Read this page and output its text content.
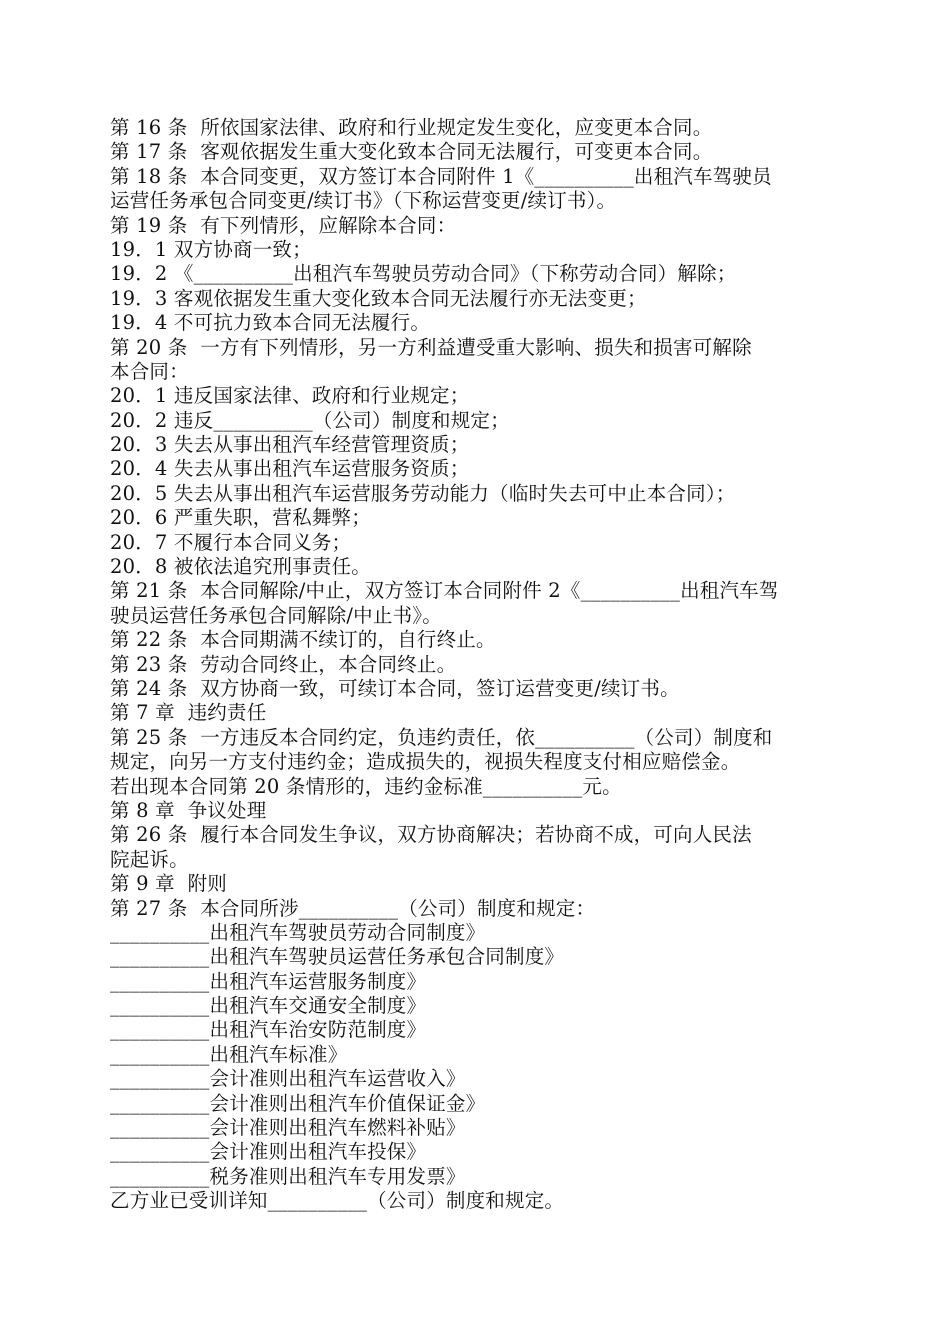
第 16 条  所依国家法律、政府和行业规定发生变化，应变更本合同。
第 17 条  客观依据发生重大变化致本合同无法履行，可变更本合同。
第 18 条  本合同变更，双方签订本合同附件 1《__________出租汽车驾驶员
运营任务承包合同变更/续订书》（下称运营变更/续订书）。
第 19 条  有下列情形，应解除本合同：
19．1 双方协商一致；
19．2 《__________出租汽车驾驶员劳动合同》（下称劳动合同）解除；
19．3 客观依据发生重大变化致本合同无法履行亦无法变更；
19．4 不可抗力致本合同无法履行。
第 20 条  一方有下列情形，另一方利益遭受重大影响、损失和损害可解除
本合同：
20．1 违反国家法律、政府和行业规定；
20．2 违反__________（公司）制度和规定；
20．3 失去从事出租汽车经营管理资质；
20．4 失去从事出租汽车运营服务资质；
20．5 失去从事出租汽车运营服务劳动能力（临时失去可中止本合同）；
20．6 严重失职，营私舞弊；
20．7 不履行本合同义务；
20．8 被依法追究刑事责任。
第 21 条  本合同解除/中止，双方签订本合同附件 2《__________出租汽车驾
驶员运营任务承包合同解除/中止书》。
第 22 条  本合同期满不续订的，自行终止。
第 23 条  劳动合同终止，本合同终止。
第 24 条  双方协商一致，可续订本合同，签订运营变更/续订书。
第 7 章  违约责任
第 25 条  一方违反本合同约定，负违约责任，依__________（公司）制度和
规定，向另一方支付违约金；造成损失的，视损失程度支付相应赔偿金。
若出现本合同第 20 条情形的，违约金标准__________元。
第 8 章  争议处理
第 26 条  履行本合同发生争议，双方协商解决；若协商不成，可向人民法
院起诉。
第 9 章  附则
第 27 条  本合同所涉__________（公司）制度和规定：
__________出租汽车驾驶员劳动合同制度》
__________出租汽车驾驶员运营任务承包合同制度》
__________出租汽车运营服务制度》
__________出租汽车交通安全制度》
__________出租汽车治安防范制度》
__________出租汽车标准》
__________会计准则出租汽车运营收入》
__________会计准则出租汽车价值保证金》
__________会计准则出租汽车燃料补贴》
__________会计准则出租汽车投保》
__________税务准则出租汽车专用发票》
乙方业已受训详知__________（公司）制度和规定。
